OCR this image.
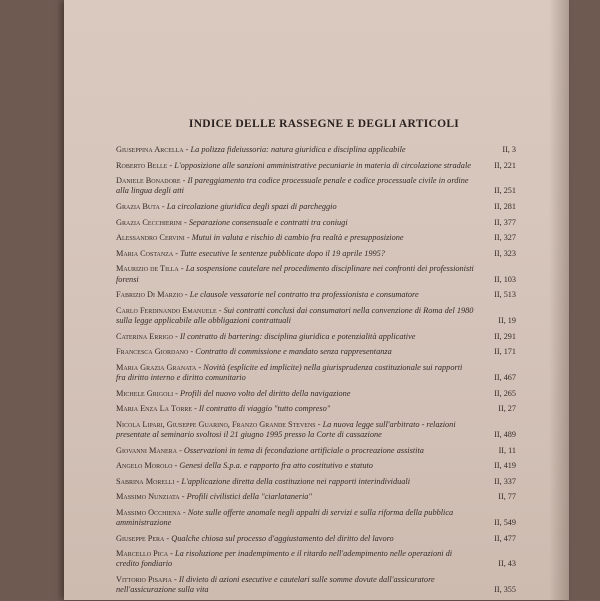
INDICE DELLE RASSEGNE E DEGLI ARTICOLI
Giuseppina Arcella - La polizza fideiussoria: natura giuridica e disciplina applicabile	II, 3
Roberto Belle - L'opposizione alle sanzioni amministrative pecuniarie in materia di circolazione stradale	II, 221
Daniele Bonadore - Il pareggiamento tra codice processuale penale e codice processuale civile in ordine alla lingua degli atti	II, 251
Grazia Buta - La circolazione giuridica degli spazi di parcheggio	II, 281
Grazia Cecchierini - Separazione consensuale e contratti tra coniugi	II, 377
Alessandro Cervini - Mutui in valuta e rischio di cambio fra realtà e presupposizione	II, 327
Maria Costanza - Tutte esecutive le sentenze pubblicate dopo il 19 aprile 1995?	II, 323
Maurizio de Tilla - La sospensione cautelare nel procedimento disciplinare nei confronti dei professionisti forensi	II, 103
Fabrizio Di Marzio - Le clausole vessatorie nel contratto tra professionista e consumatore	II, 513
Carlo Ferdinando Emanuele - Sui contratti conclusi dai consumatori nella convenzione di Roma del 1980 sulla legge applicabile alle obbligazioni contrattuali	II, 19
Caterina Errigo - Il contratto di bartering: disciplina giuridica e potenzialità applicative	II, 291
Francesca Giordano - Contratto di commissione e mandato senza rappresentanza	II, 171
Maria Grazia Granata - Novità (esplicite ed implicite) nella giurisprudenza costituzionale sui rapporti fra diritto interno e diritto comunitario	II, 467
Michele Grigoli - Profili del nuovo volto del diritto della navigazione	II, 265
Maria Enza La Torre - Il contratto di viaggio "tutto compreso"	II, 27
Nicola Lipari, Giuseppe Guarino, Franzo Grande Stevens - La nuova legge sull'arbitrato - relazioni presentate al seminario svoltosi il 21 giugno 1995 presso la Corte di cassazione	II, 489
Giovanni Manera - Osservazioni in tema di fecondazione artificiale o procreazione assistita	II, 11
Angelo Morolo - Genesi della S.p.a. e rapporto fra atto costitutivo e statuto	II, 419
Sabrina Morelli - L'applicazione diretta della costituzione nei rapporti interindividuali	II, 337
Massimo Nunziata - Profili civilistici della "ciarlataneria"	II, 77
Massimo Occhiena - Note sulle offerte anomale negli appalti di servizi e sulla riforma della pubblica amministrazione	II, 549
Giuseppe Pera - Qualche chiosa sul processo d'aggiustamento del diritto del lavoro	II, 477
Marcello Pica - La risoluzione per inadempimento e il ritardo nell'adempimento nelle operazioni di credito fondiario	II, 43
Vittorio Pisapia - Il divieto di azioni esecutive e cautelari sulle somme dovute dall'assicuratore nell'assicurazione sulla vita	II, 355
